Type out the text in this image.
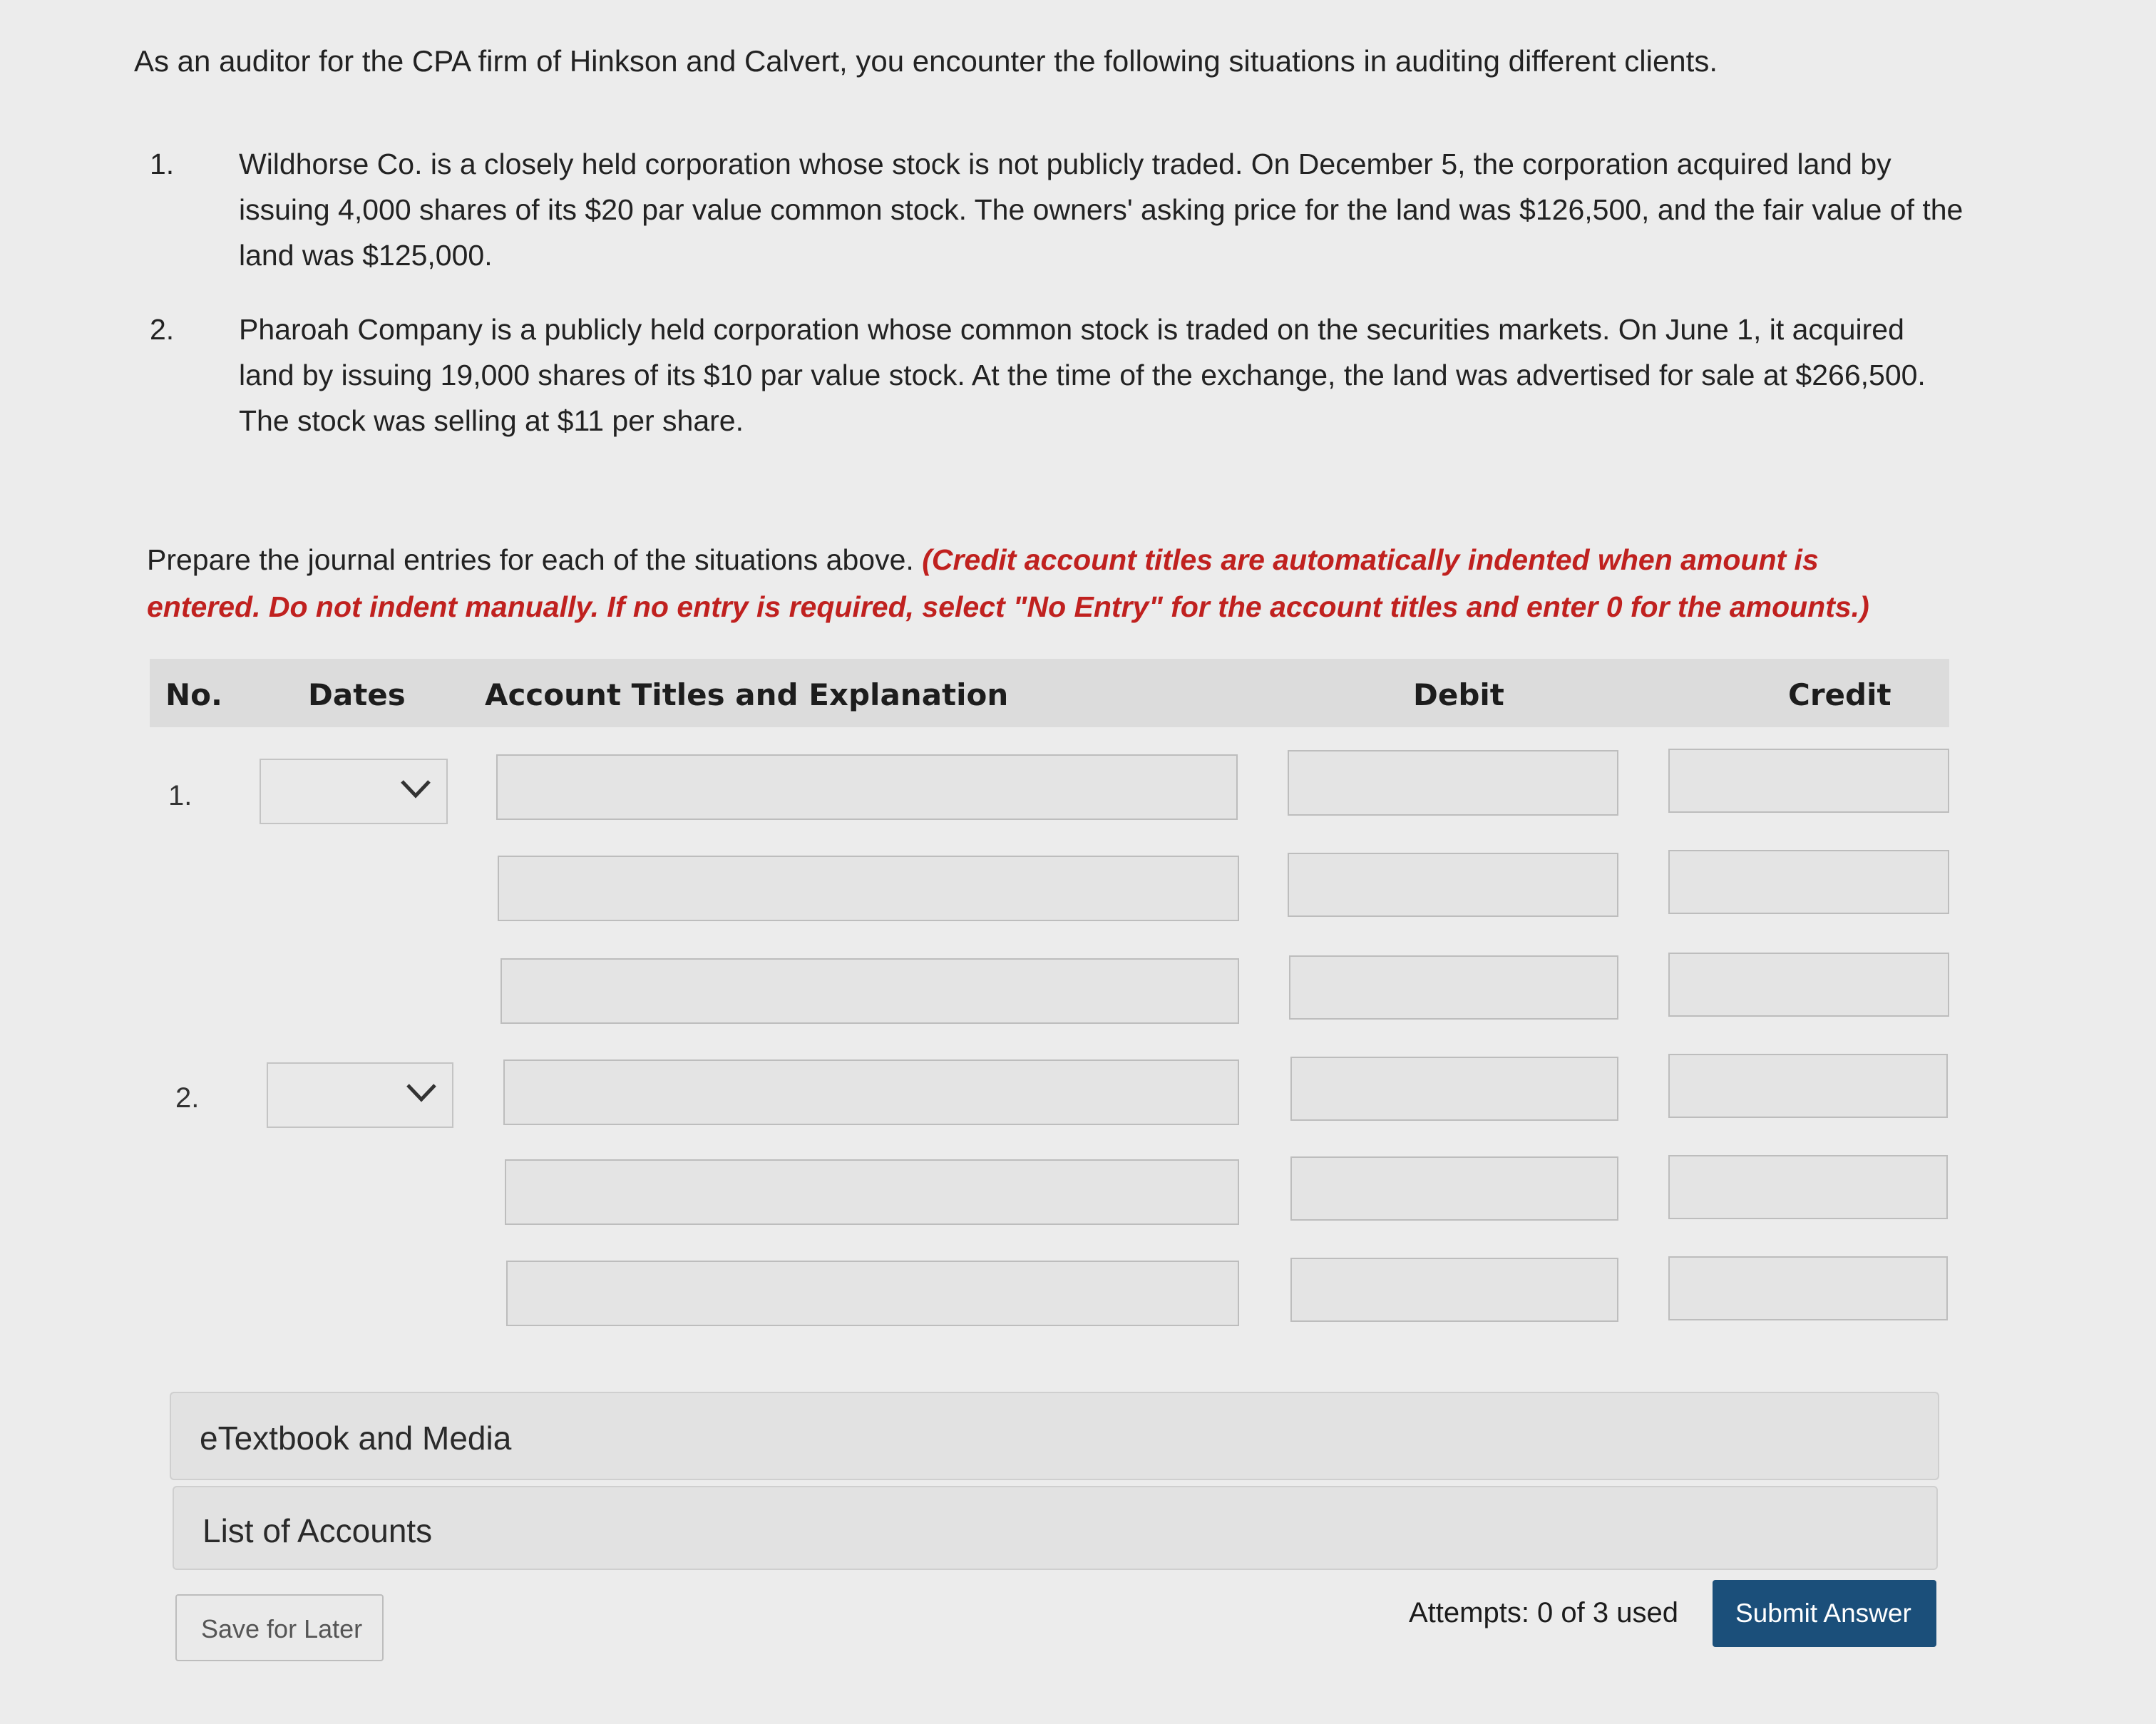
As an auditor for the CPA firm of Hinkson and Calvert, you encounter the following situations in auditing different clients.
1.	Wildhorse Co. is a closely held corporation whose stock is not publicly traded. On December 5, the corporation acquired land by issuing 4,000 shares of its $20 par value common stock. The owners' asking price for the land was $126,500, and the fair value of the land was $125,000.
2.	Pharoah Company is a publicly held corporation whose common stock is traded on the securities markets. On June 1, it acquired land by issuing 19,000 shares of its $10 par value stock. At the time of the exchange, the land was advertised for sale at $266,500. The stock was selling at $11 per share.
Prepare the journal entries for each of the situations above. (Credit account titles are automatically indented when amount is entered. Do not indent manually. If no entry is required, select "No Entry" for the account titles and enter 0 for the amounts.)
No.	Dates	Account Titles and Explanation	Debit	Credit
1.
2.
eTextbook and Media
List of Accounts
Save for Later
Attempts: 0 of 3 used Submit Answer
